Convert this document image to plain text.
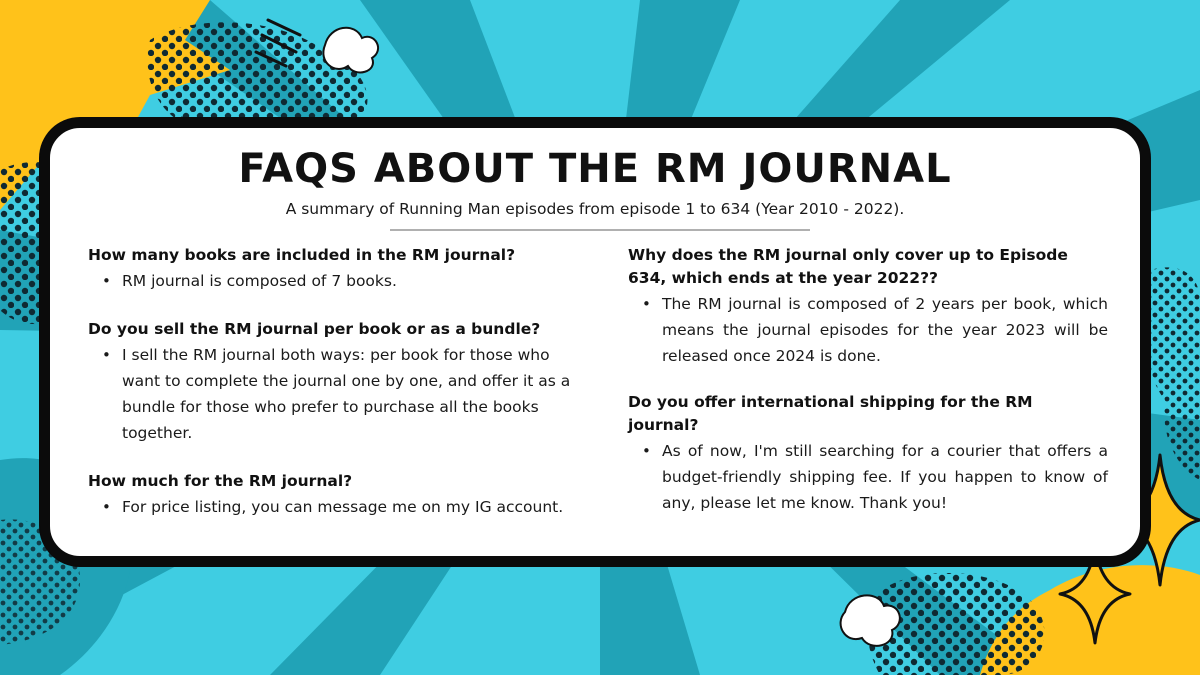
FAQS ABOUT THE RM JOURNAL

A summary of Running Man episodes from episode 1 to 634 (Year 2010 - 2022).

How many books are included in the RM journal?

• RM journal is composed of 7 books.

Do you sell the RM journal per book or as a bundle?

• I sell the RM journal both ways: per book for those who want to complete the journal one by one, and offer it as a bundle for those who prefer to purchase all the books together.

How much for the RM journal?

• For price listing, you can message me on my IG account.

Why does the RM journal only cover up to Episode 634, which ends at the year 2022??

• The RM journal is composed of 2 years per book, which means the journal episodes for the year 2023 will be released once 2024 is done.

Do you offer international shipping for the RM journal?

• As of now, I'm still searching for a courier that offers a budget-friendly shipping fee. If you happen to know of any, please let me know. Thank you!
